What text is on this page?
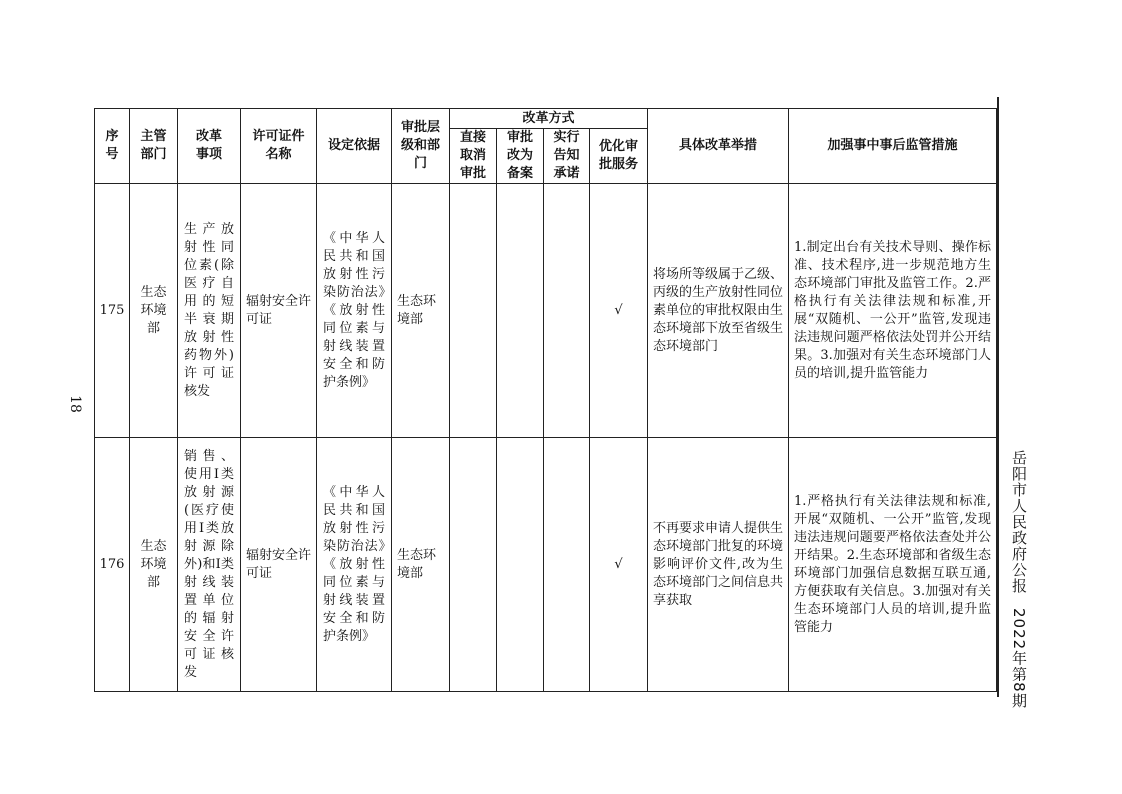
序号	主管部门	改革事项	许可证件名称	设定依据	审批层级和部门	改革方式				具体改革举措	加强事中事后监管措施

						直接取消审批	审批改为备案	实行告知承诺	优化审批服务		

175	生态环境部	生产放射性同位素(除医疗自用的短半衰期放射性药物外)许可证核发	辐射安全许可证	《中华人民共和国放射性污染防治法》《放射性同位素与射线装置安全和防护条例》	生态环境部				√	将场所等级属于乙级、丙级的生产放射性同位素单位的审批权限由生态环境部下放至省级生态环境部门	1.制定出台有关技术导则、操作标准、技术程序,进一步规范地方生态环境部门审批及监管工作。2.严格执行有关法律法规和标准,开展“双随机、一公开”监管,发现违法违规问题严格依法处罚并公开结果。3.加强对有关生态环境部门人员的培训,提升监管能力

176	生态环境部	销售、使用Ⅰ类放射源(医疗使用Ⅰ类放射源除外)和Ⅰ类射线装置单位的辐射安全许可证核发	辐射安全许可证	《中华人民共和国放射性污染防治法》《放射性同位素与射线装置安全和防护条例》	生态环境部				√	不再要求申请人提供生态环境部门批复的环境影响评价文件,改为生态环境部门之间信息共享获取	1.严格执行有关法律法规和标准,开展“双随机、一公开”监管,发现违法违规问题要严格依法查处并公开结果。2.生态环境部和省级生态环境部门加强信息数据互联互通,方便获取有关信息。3.加强对有关生态环境部门人员的培训,提升监管能力
18
岳阳市人民政府公报2022年第8期
